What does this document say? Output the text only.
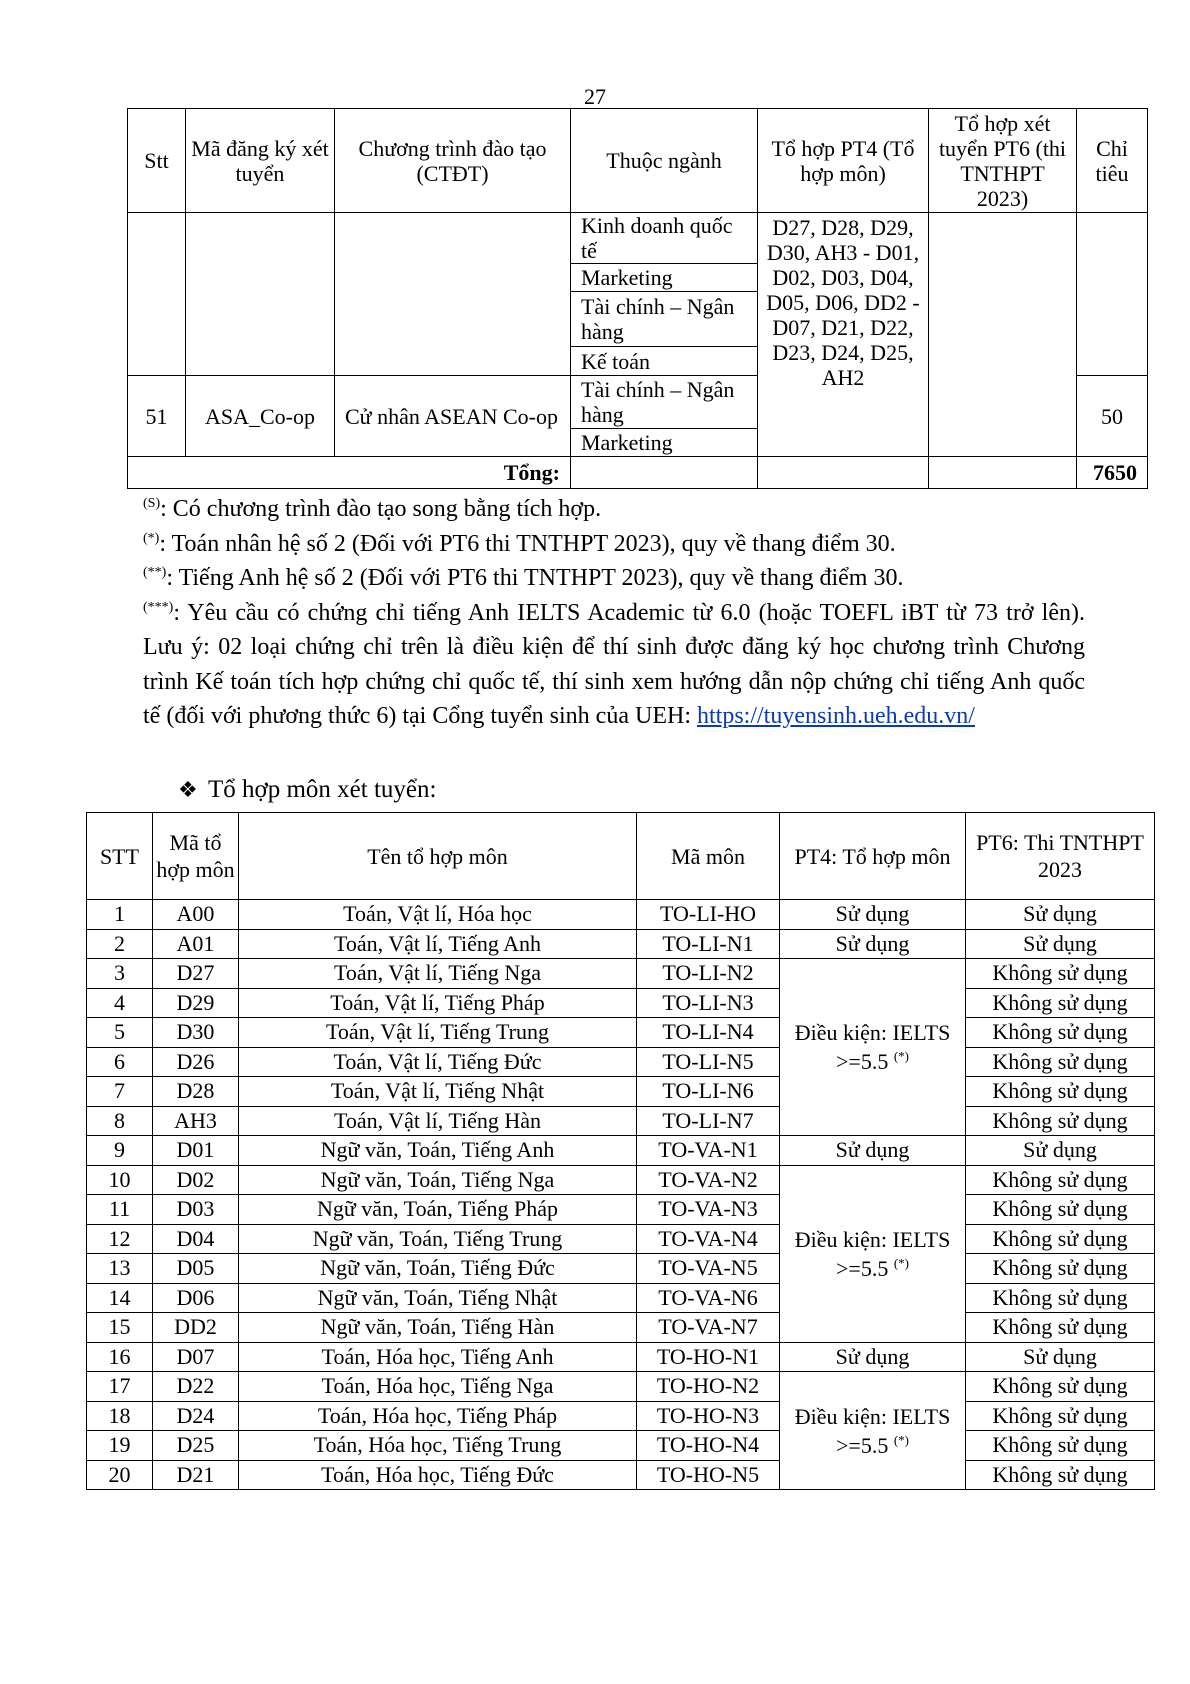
27
Stt	Mã đăng ký xét tuyển	Chương trình đào tạo (CTĐT)	Thuộc ngành	Tổ hợp PT4 (Tổ hợp môn)	Tổ hợp xét tuyển PT6 (thi TNTHPT 2023)	Chỉ tiêu
			Kinh doanh quốc tế	D27, D28, D29, D30, AH3 - D01, D02, D03, D04, D05, D06, DD2 - D07, D21, D22, D23, D24, D25, AH2		
			Marketing			
			Tài chính – Ngân hàng			
			Kế toán			
51	ASA_Co-op	Cử nhân ASEAN Co-op	Tài chính – Ngân hàng			50
			Marketing			
Tổng:						7650

$^{(S)}$: Có chương trình đào tạo song bằng tích hợp.

(*): Toán nhân hệ số 2 (Đối với PT6 thi TNTHPT 2023), quy về thang điểm 30.

(**): Tiếng Anh hệ số 2 (Đối với PT6 thi TNTHPT 2023), quy về thang điểm 30.

(***): Yêu cầu có chứng chỉ tiếng Anh IELTS Academic từ 6.0 (hoặc TOEFL iBT từ 73 trở lên). Lưu ý: 02 loại chứng chỉ trên là điều kiện để thí sinh được đăng ký học chương trình Chương trình Kế toán tích hợp chứng chỉ quốc tế, thí sinh xem hướng dẫn nộp chứng chỉ tiếng Anh quốc tế (đối với phương thức 6) tại Cổng tuyển sinh của UEH: https://tuyensinh.ueh.edu.vn/

❖ Tổ hợp môn xét tuyển:
STT	Mã tổ hợp môn	Tên tổ hợp môn	Mã môn	PT4: Tổ hợp môn	PT6: Thi TNTHPT 2023
1	A00	Toán, Vật lí, Hóa học	TO-LI-HO	Sử dụng	Sử dụng
2	A01	Toán, Vật lí, Tiếng Anh	TO-LI-N1	Sử dụng	Sử dụng
3	D27	Toán, Vật lí, Tiếng Nga	TO-LI-N2	Điều kiện: IELTS >=5.5 (*)	Không sử dụng
4	D29	Toán, Vật lí, Tiếng Pháp	TO-LI-N3		Không sử dụng
5	D30	Toán, Vật lí, Tiếng Trung	TO-LI-N4		Không sử dụng
6	D26	Toán, Vật lí, Tiếng Đức	TO-LI-N5		Không sử dụng
7	D28	Toán, Vật lí, Tiếng Nhật	TO-LI-N6		Không sử dụng
8	AH3	Toán, Vật lí, Tiếng Hàn	TO-LI-N7		Không sử dụng
9	D01	Ngữ văn, Toán, Tiếng Anh	TO-VA-N1	Sử dụng	Sử dụng
10	D02	Ngữ văn, Toán, Tiếng Nga	TO-VA-N2	Điều kiện: IELTS >=5.5 (*)	Không sử dụng
11	D03	Ngữ văn, Toán, Tiếng Pháp	TO-VA-N3		Không sử dụng
12	D04	Ngữ văn, Toán, Tiếng Trung	TO-VA-N4		Không sử dụng
13	D05	Ngữ văn, Toán, Tiếng Đức	TO-VA-N5		Không sử dụng
14	D06	Ngữ văn, Toán, Tiếng Nhật	TO-VA-N6		Không sử dụng
15	DD2	Ngữ văn, Toán, Tiếng Hàn	TO-VA-N7		Không sử dụng
16	D07	Toán, Hóa học, Tiếng Anh	TO-HO-N1	Sử dụng	Sử dụng
17	D22	Toán, Hóa học, Tiếng Nga	TO-HO-N2	Điều kiện: IELTS >=5.5 (*)	Không sử dụng
18	D24	Toán, Hóa học, Tiếng Pháp	TO-HO-N3		Không sử dụng
19	D25	Toán, Hóa học, Tiếng Trung	TO-HO-N4		Không sử dụng
20	D21	Toán, Hóa học, Tiếng Đức	TO-HO-N5		Không sử dụng
